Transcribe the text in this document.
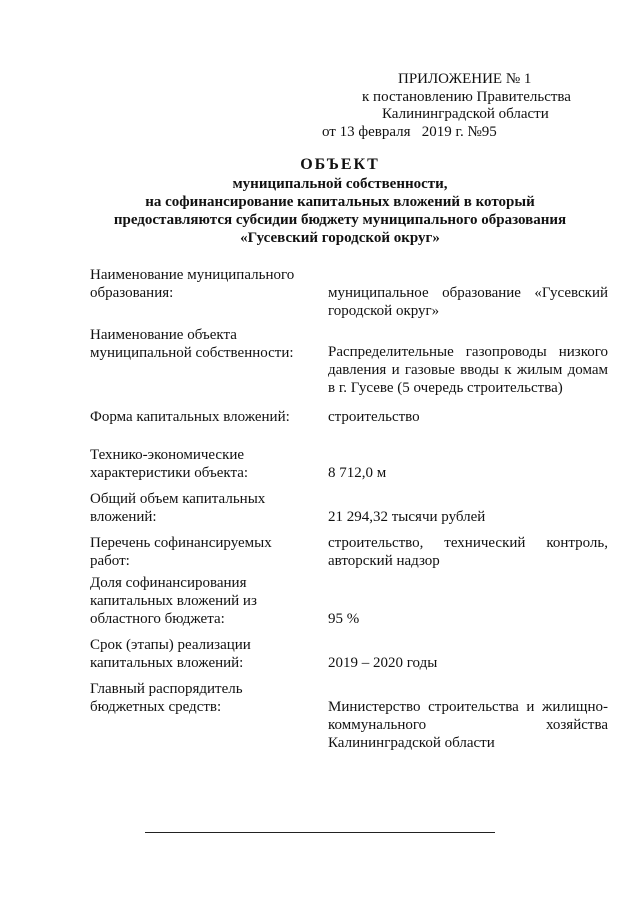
ПРИЛОЖЕНИЕ № 1
к постановлению Правительства
Калининградской области
от 13 февраля   2019 г. №95
ОБЪЕКТ
муниципальной собственности,
на софинансирование капитальных вложений в который
предоставляются субсидии бюджету муниципального образования
«Гусевский городской округ»
Наименование муниципального
образования:	муниципальное образование «Гусевский
городской округ»
Наименование объекта
муниципальной собственности:	Распределительные газопроводы низкого
давления и газовые вводы к жилым домам
в г. Гусеве (5 очередь строительства)
Форма капитальных вложений:	строительство
Технико-экономические
характеристики объекта:	8 712,0 м
Общий объем капитальных
вложений:	21 294,32 тысячи рублей
Перечень софинансируемых работ:
строительство, технический контроль,
авторский надзор
Доля софинансирования
капитальных вложений из
областного бюджета:	95 %
Срок (этапы) реализации
капитальных вложений:	2019 – 2020 годы
Главный распорядитель
бюджетных средств:	Министерство строительства и жилищно-
коммунального хозяйства
Калининградской области
